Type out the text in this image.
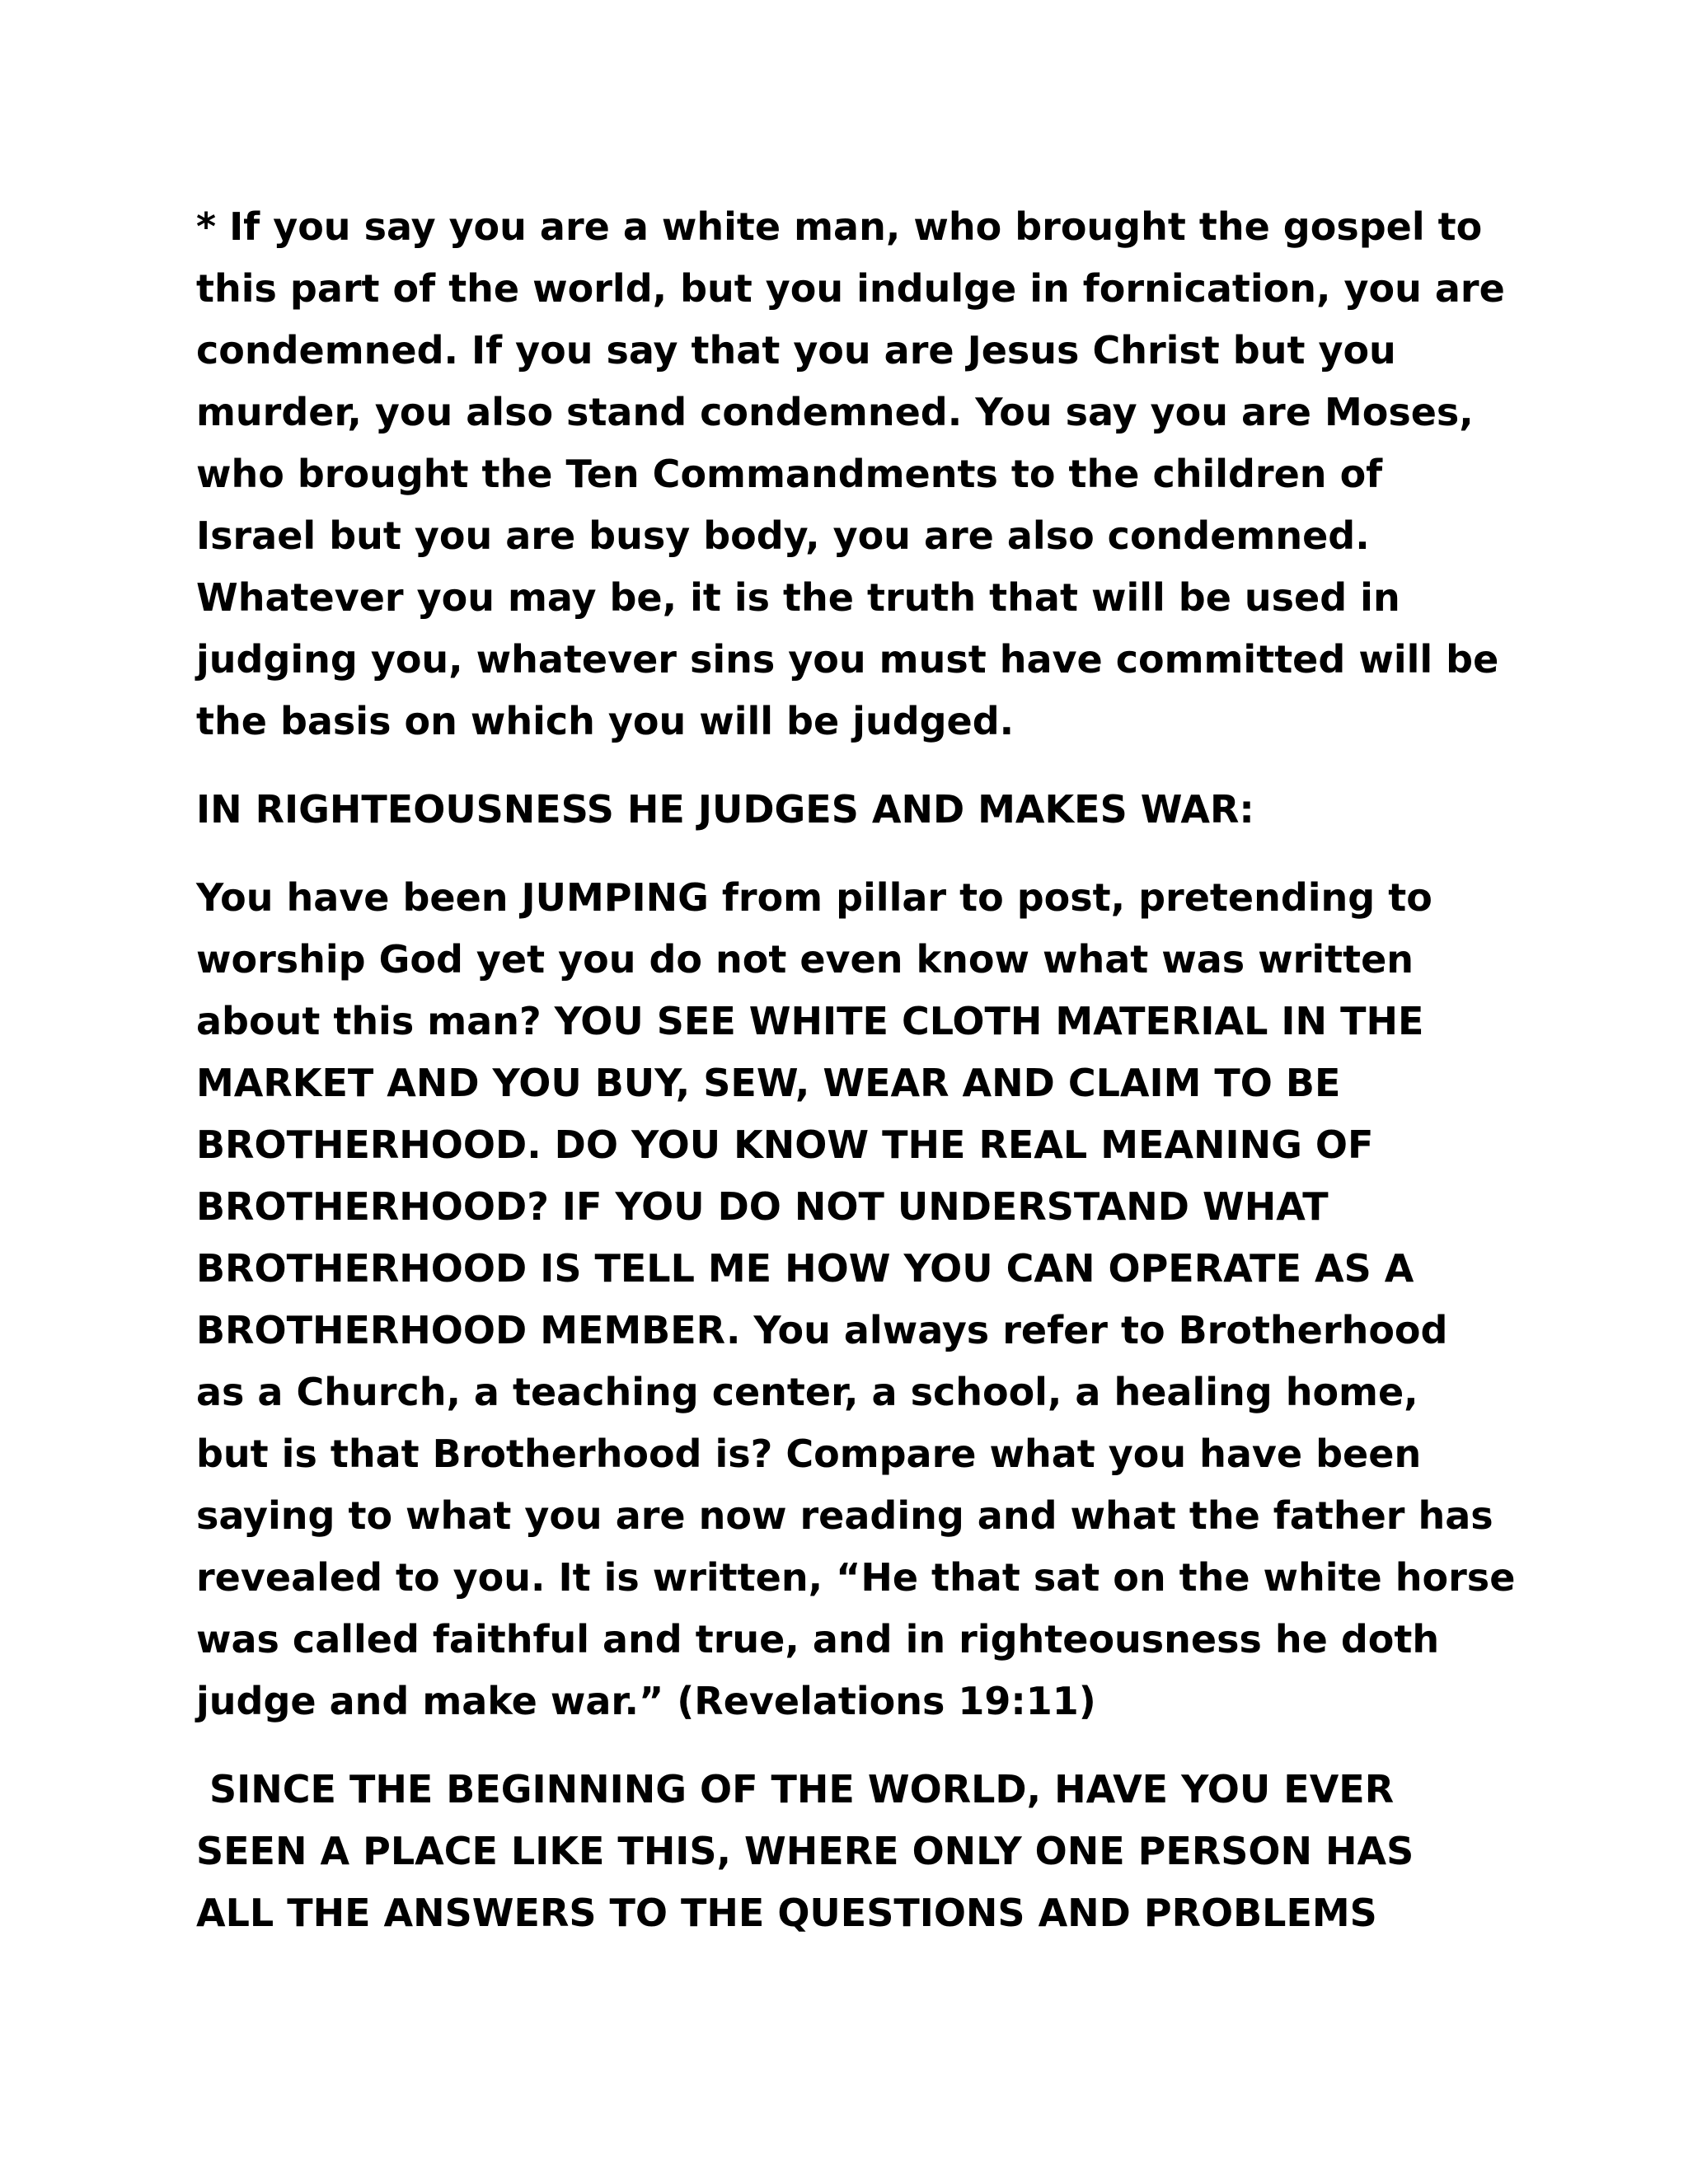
* If you say you are a white man, who brought the gospel to
this part of the world, but you indulge in fornication, you are
condemned. If you say that you are Jesus Christ but you
murder, you also stand condemned. You say you are Moses,
who brought the Ten Commandments to the children of
Israel but you are busy body, you are also condemned.
Whatever you may be, it is the truth that will be used in
judging you, whatever sins you must have committed will be
the basis on which you will be judged.

IN RIGHTEOUSNESS HE JUDGES AND MAKES WAR:

You have been JUMPING from pillar to post, pretending to
worship God yet you do not even know what was written
about this man? YOU SEE WHITE CLOTH MATERIAL IN THE
MARKET AND YOU BUY, SEW, WEAR AND CLAIM TO BE
BROTHERHOOD. DO YOU KNOW THE REAL MEANING OF
BROTHERHOOD? IF YOU DO NOT UNDERSTAND WHAT
BROTHERHOOD IS TELL ME HOW YOU CAN OPERATE AS A
BROTHERHOOD MEMBER. You always refer to Brotherhood
as a Church, a teaching center, a school, a healing home,
but is that Brotherhood is? Compare what you have been
saying to what you are now reading and what the father has
revealed to you. It is written, “He that sat on the white horse
was called faithful and true, and in righteousness he doth
judge and make war.” (Revelations 19:11)

SINCE THE BEGINNING OF THE WORLD, HAVE YOU EVER
SEEN A PLACE LIKE THIS, WHERE ONLY ONE PERSON HAS
ALL THE ANSWERS TO THE QUESTIONS AND PROBLEMS
